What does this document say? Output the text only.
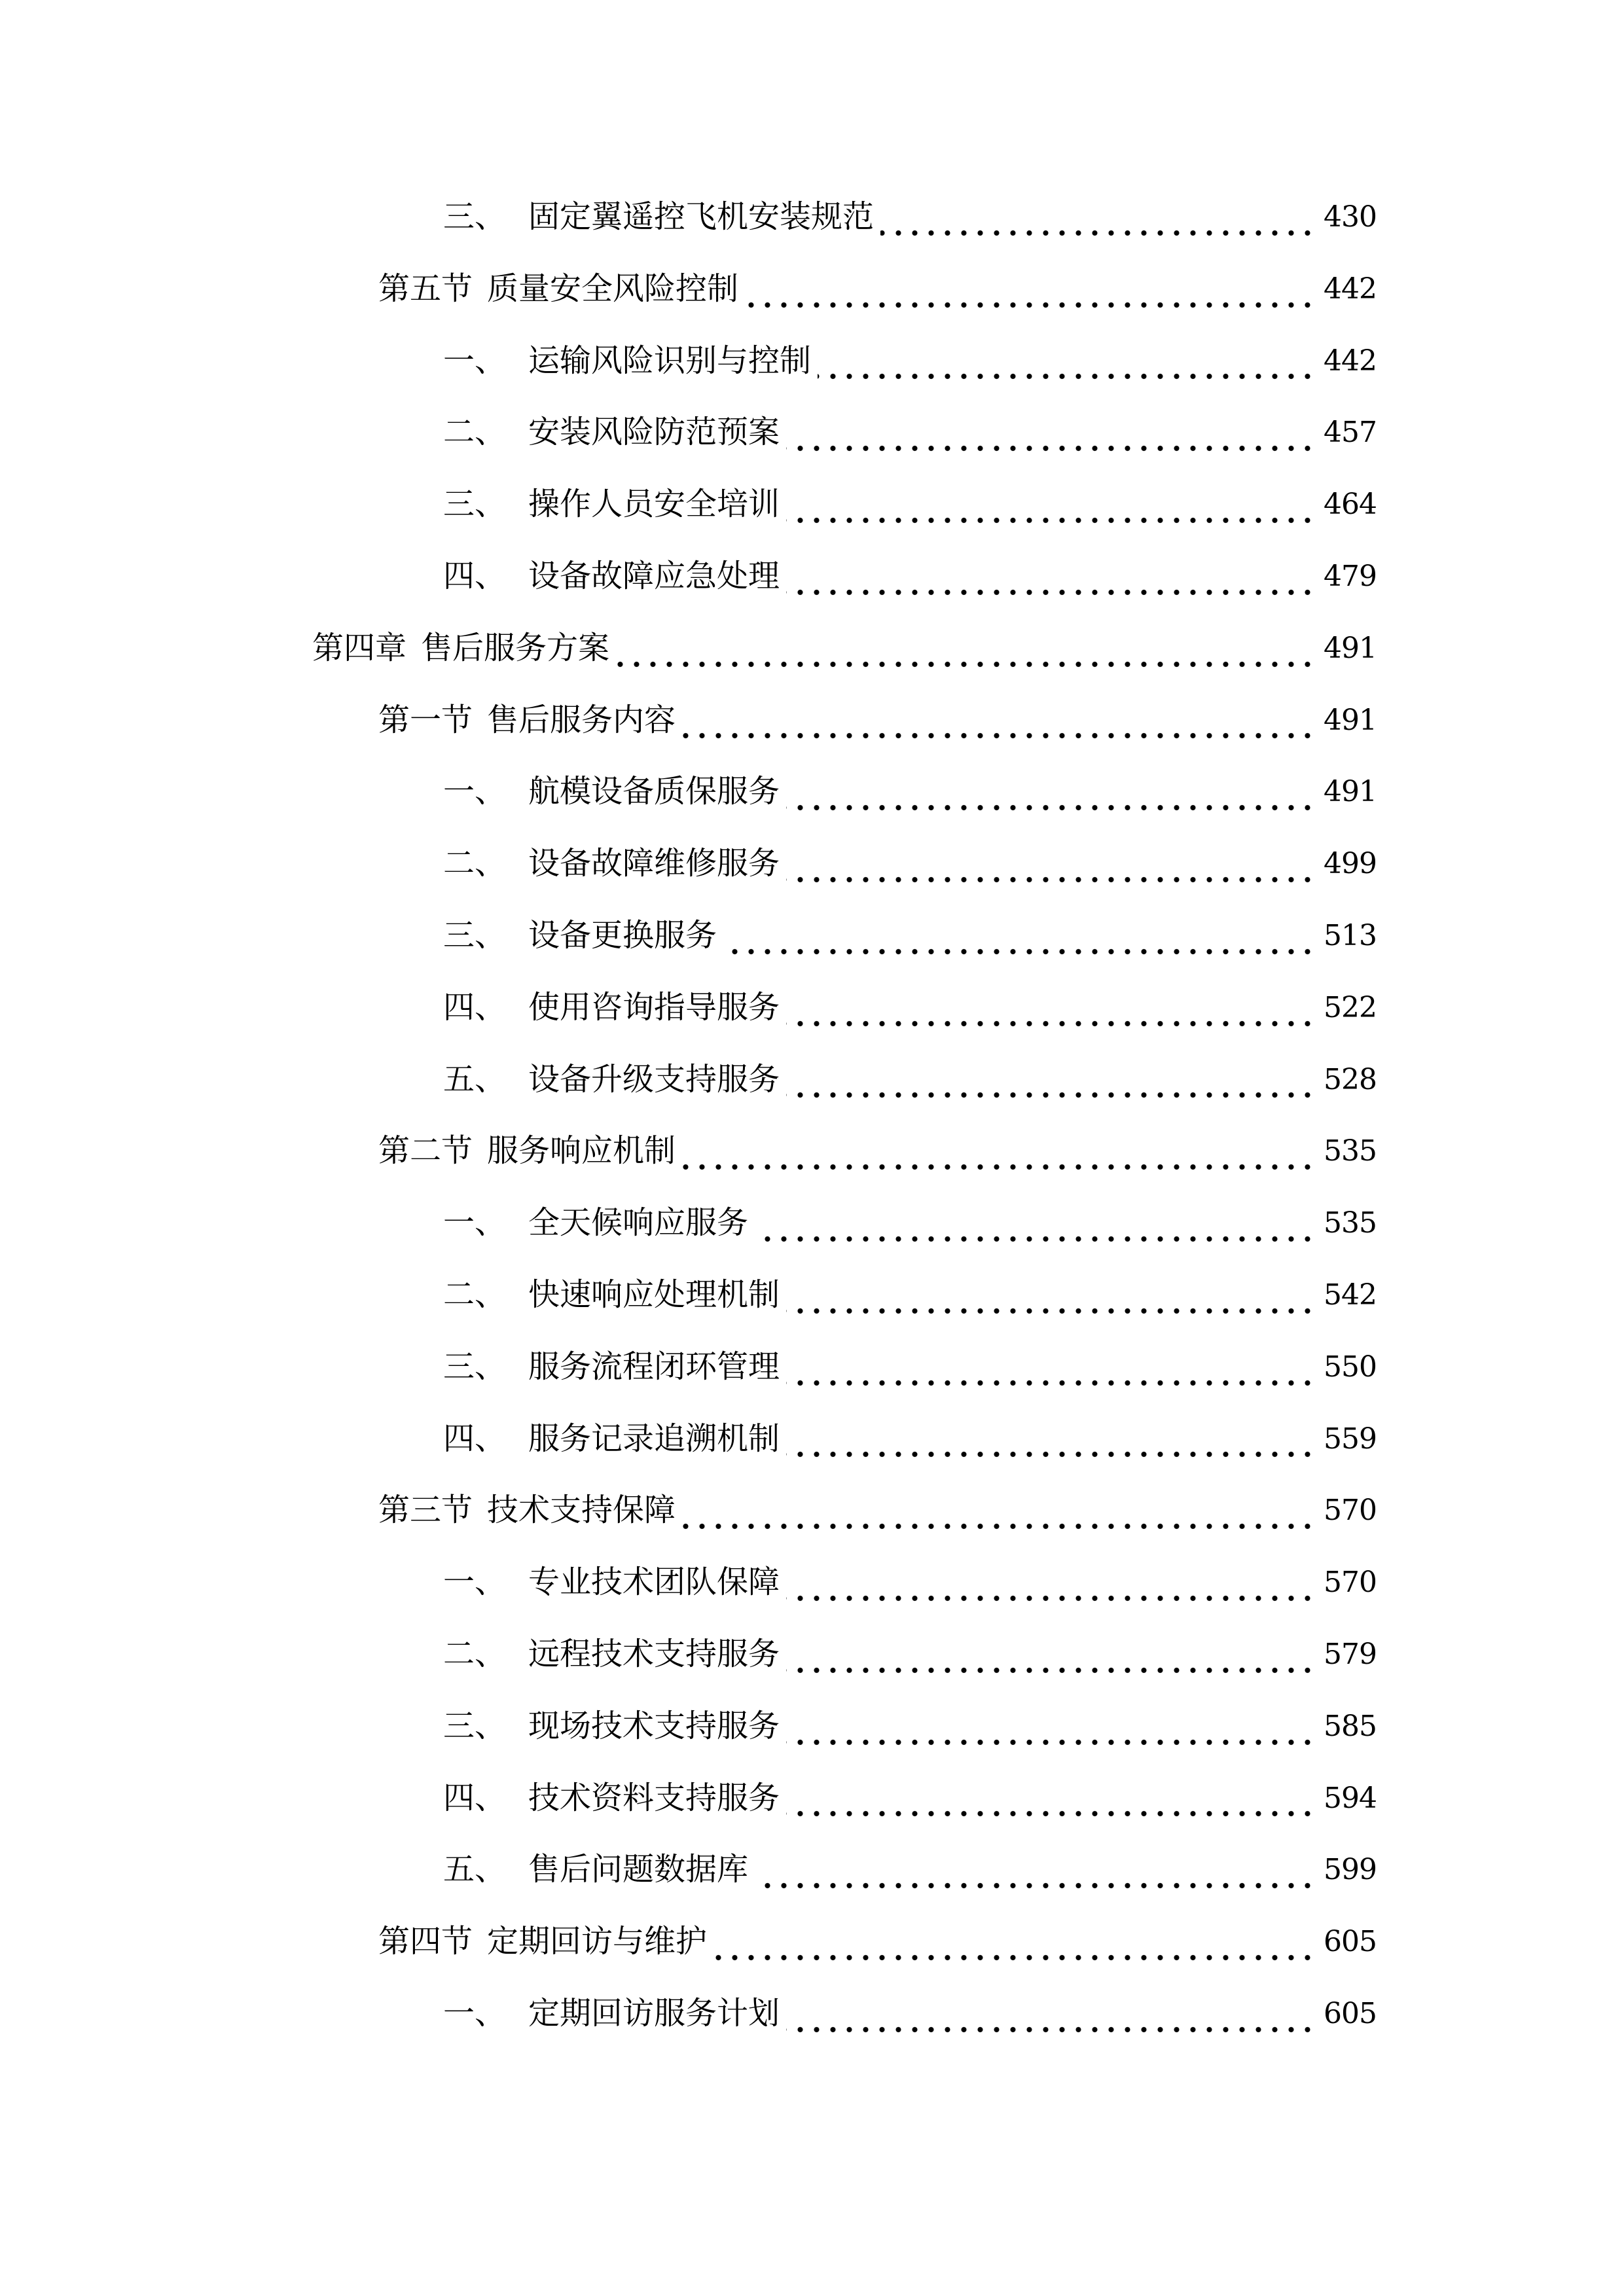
三、 固定翼遥控飞机安装规范	430
第五节 质量安全风险控制	442
一、 运输风险识别与控制	442
二、 安装风险防范预案	457
三、 操作人员安全培训	464
四、 设备故障应急处理	479
第四章 售后服务方案	491
第一节 售后服务内容	491
一、 航模设备质保服务	491
二、 设备故障维修服务	499
三、 设备更换服务	513
四、 使用咨询指导服务	522
五、 设备升级支持服务	528
第二节 服务响应机制	535
一、 全天候响应服务	535
二、 快速响应处理机制	542
三、 服务流程闭环管理	550
四、 服务记录追溯机制	559
第三节 技术支持保障	570
一、 专业技术团队保障	570
二、 远程技术支持服务	579
三、 现场技术支持服务	585
四、 技术资料支持服务	594
五、 售后问题数据库	599
第四节 定期回访与维护	605
一、 定期回访服务计划	605
